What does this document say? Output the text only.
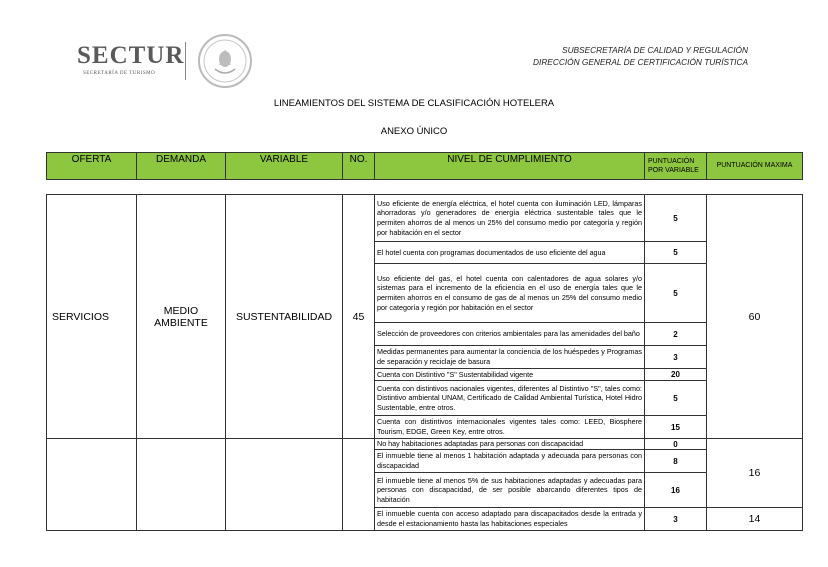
SECTUR
SECRETARÍA DE TURISMO
SUBSECRETARÍA DE CALIDAD Y REGULACIÓN
DIRECCIÓN GENERAL DE CERTIFICACIÓN TURÍSTICA
LINEAMIENTOS DEL SISTEMA DE CLASIFICACIÓN HOTELERA
ANEXO ÚNICO
OFERTA	DEMANDA	VARIABLE	NO.	NIVEL DE CUMPLIMIENTO	PUNTUACIÓN POR VARIABLE	PUNTUACIÓN MAXIMA
SERVICIOS	MEDIO AMBIENTE	SUSTENTABILIDAD	45	Uso eficiente de energía eléctrica, el hotel cuenta con iluminación LED, lámparas ahorradoras y/o generadores de energía eléctrica sustentable tales que le permiten ahorros de al menos un 25% del consumo medio por categoría y región por habitación en el sector	5	60
				El hotel cuenta con programas documentados de uso eficiente del agua	5	
				Uso eficiente del gas, el hotel cuenta con calentadores de agua solares y/o sistemas para el incremento de la eficiencia en el uso de energía tales que le permiten ahorros en el consumo de gas de al menos un 25% del consumo medio por categoría y región por habitación en el sector	5	
				Selección de proveedores con criterios ambientales para las amenidades del baño	2	
				Medidas permanentes para aumentar la conciencia de los huéspedes y Programas de separación y reciclaje de basura	3	
				Cuenta con Distintivo "S" Sustentabilidad vigente	20	
				Cuenta con distintivos nacionales vigentes, diferentes al Distintivo "S", tales como: Distintivo ambiental UNAM, Certificado de Calidad Ambiental Turística, Hotel Hidro Sustentable, entre otros.	5	
				Cuenta con distintivos internacionales vigentes tales como: LEED, Biosphere Tourism, EDGE, Green Key, entre otros.	15	
				No hay habitaciones adaptadas para personas con discapacidad	0	16
				El inmueble tiene al menos 1 habitación adaptada y adecuada para personas con discapacidad	8	
				El inmueble tiene al menos 5% de sus habitaciones adaptadas y adecuadas para personas con discapacidad, de ser posible abarcando diferentes tipos de habitación	16	
				El inmueble cuenta con acceso adaptado para discapacitados desde la entrada y desde el estacionamiento hasta las habitaciones especiales	3	14
